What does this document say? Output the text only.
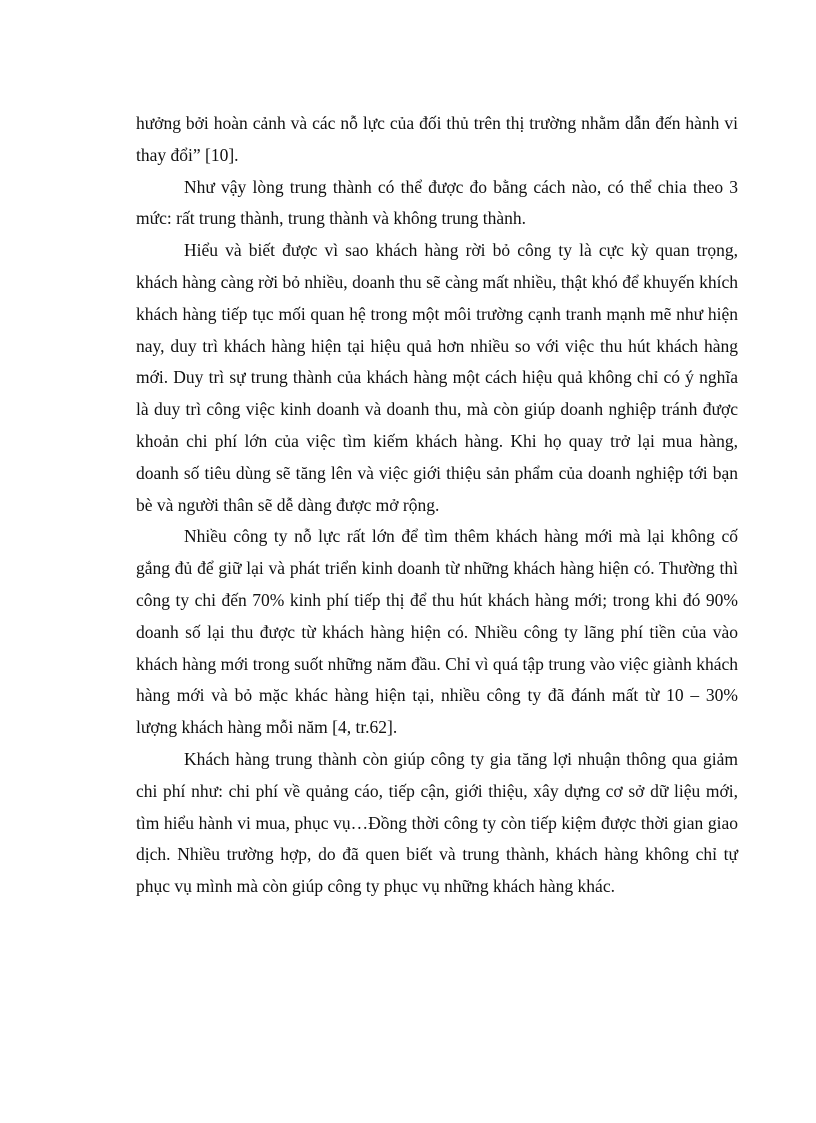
hưởng bởi hoàn cảnh và các nỗ lực của đối thủ trên thị trường nhằm dẫn đến hành vi thay đổi” [10].

Như vậy lòng trung thành có thể được đo bằng cách nào, có thể chia theo 3 mức: rất trung thành, trung thành và không trung thành.

Hiểu và biết được vì sao khách hàng rời bỏ công ty là cực kỳ quan trọng, khách hàng càng rời bỏ nhiều, doanh thu sẽ càng mất nhiều, thật khó để khuyến khích khách hàng tiếp tục mối quan hệ trong một môi trường cạnh tranh mạnh mẽ như hiện nay, duy trì khách hàng hiện tại hiệu quả hơn nhiều so với việc thu hút khách hàng mới. Duy trì sự trung thành của khách hàng một cách hiệu quả không chỉ có ý nghĩa là duy trì công việc kinh doanh và doanh thu, mà còn giúp doanh nghiệp tránh được khoản chi phí lớn của việc tìm kiếm khách hàng. Khi họ quay trở lại mua hàng, doanh số tiêu dùng sẽ tăng lên và việc giới thiệu sản phẩm của doanh nghiệp tới bạn bè và người thân sẽ dễ dàng được mở rộng.

Nhiều công ty nỗ lực rất lớn để tìm thêm khách hàng mới mà lại không cố gắng đủ để giữ lại và phát triển kinh doanh từ những khách hàng hiện có. Thường thì công ty chi đến 70% kinh phí tiếp thị để thu hút khách hàng mới; trong khi đó 90% doanh số lại thu được từ khách hàng hiện có. Nhiều công ty lãng phí tiền của vào khách hàng mới trong suốt những năm đầu. Chỉ vì quá tập trung vào việc giành khách hàng mới và bỏ mặc khác hàng hiện tại, nhiều công ty đã đánh mất từ 10 – 30% lượng khách hàng mỗi năm [4, tr.62].

Khách hàng trung thành còn giúp công ty gia tăng lợi nhuận thông qua giảm chi phí như: chi phí về quảng cáo, tiếp cận, giới thiệu, xây dựng cơ sở dữ liệu mới, tìm hiểu hành vi mua, phục vụ…Đồng thời công ty còn tiếp kiệm được thời gian giao dịch. Nhiều trường hợp, do đã quen biết và trung thành, khách hàng không chỉ tự phục vụ mình mà còn giúp công ty phục vụ những khách hàng khác.
